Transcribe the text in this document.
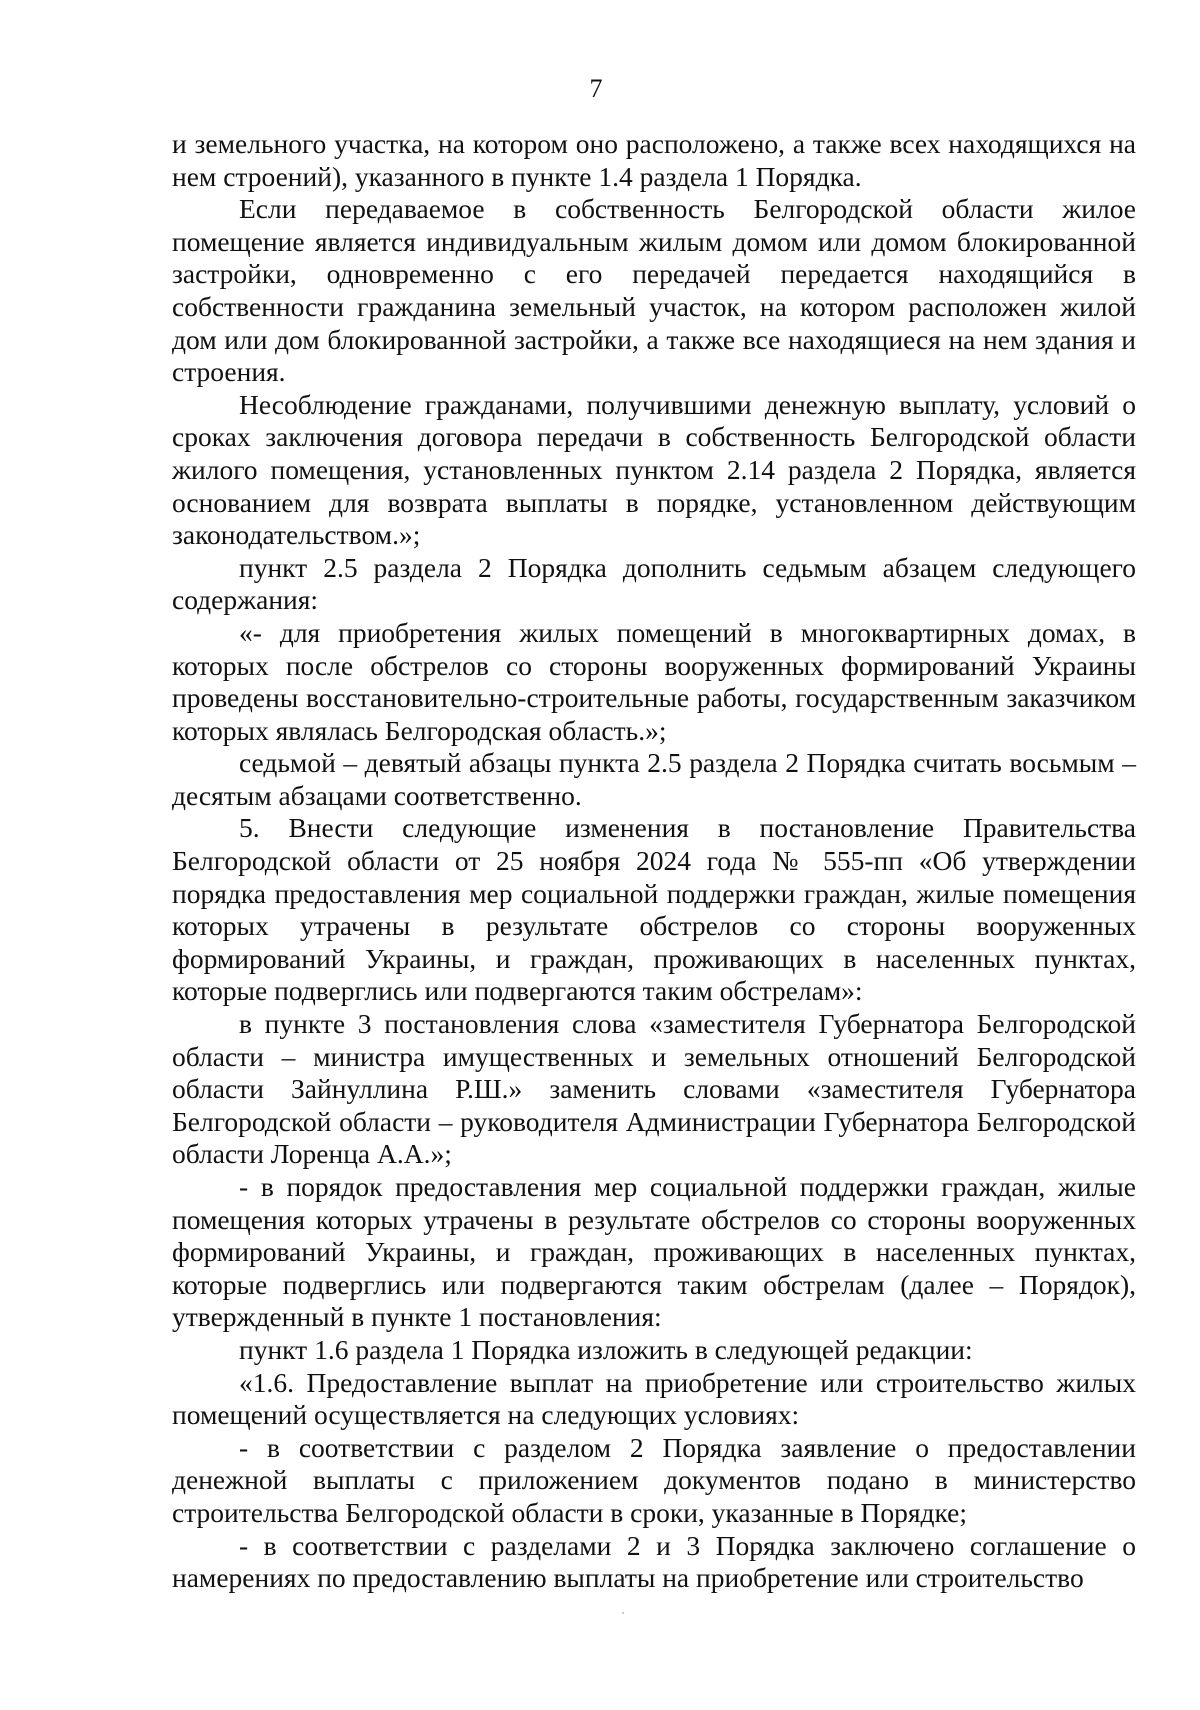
7

и земельного участка, на котором оно расположено, а также всех находящихся на нем строений), указанного в пункте 1.4 раздела 1 Порядка.

Если передаваемое в собственность Белгородской области жилое помещение является индивидуальным жилым домом или домом блокированной застройки, одновременно с его передачей передается находящийся в собственности гражданина земельный участок, на котором расположен жилой дом или дом блокированной застройки, а также все находящиеся на нем здания и строения.

Несоблюдение гражданами, получившими денежную выплату, условий о сроках заключения договора передачи в собственность Белгородской области жилого помещения, установленных пунктом 2.14 раздела 2 Порядка, является основанием для возврата выплаты в порядке, установленном действующим законодательством.»;

пункт 2.5 раздела 2 Порядка дополнить седьмым абзацем следующего содержания:

«- для приобретения жилых помещений в многоквартирных домах, в которых после обстрелов со стороны вооруженных формирований Украины проведены восстановительно-строительные работы, государственным заказчиком которых являлась Белгородская область.»;

седьмой – девятый абзацы пункта 2.5 раздела 2 Порядка считать восьмым – десятым абзацами соответственно.

5. Внести следующие изменения в постановление Правительства Белгородской области от 25 ноября 2024 года № 555-пп «Об утверждении порядка предоставления мер социальной поддержки граждан, жилые помещения которых утрачены в результате обстрелов со стороны вооруженных формирований Украины, и граждан, проживающих в населенных пунктах, которые подверглись или подвергаются таким обстрелам»:

в пункте 3 постановления слова «заместителя Губернатора Белгородской области – министра имущественных и земельных отношений Белгородской области Зайнуллина Р.Ш.» заменить словами «заместителя Губернатора Белгородской области – руководителя Администрации Губернатора Белгородской области Лоренца А.А.»;

- в порядок предоставления мер социальной поддержки граждан, жилые помещения которых утрачены в результате обстрелов со стороны вооруженных формирований Украины, и граждан, проживающих в населенных пунктах, которые подверглись или подвергаются таким обстрелам (далее – Порядок), утвержденный в пункте 1 постановления:

пункт 1.6 раздела 1 Порядка изложить в следующей редакции:

«1.6. Предоставление выплат на приобретение или строительство жилых помещений осуществляется на следующих условиях:

- в соответствии с разделом 2 Порядка заявление о предоставлении денежной выплаты с приложением документов подано в министерство строительства Белгородской области в сроки, указанные в Порядке;

- в соответствии с разделами 2 и 3 Порядка заключено соглашение о намерениях по предоставлению выплаты на приобретение или строительство
